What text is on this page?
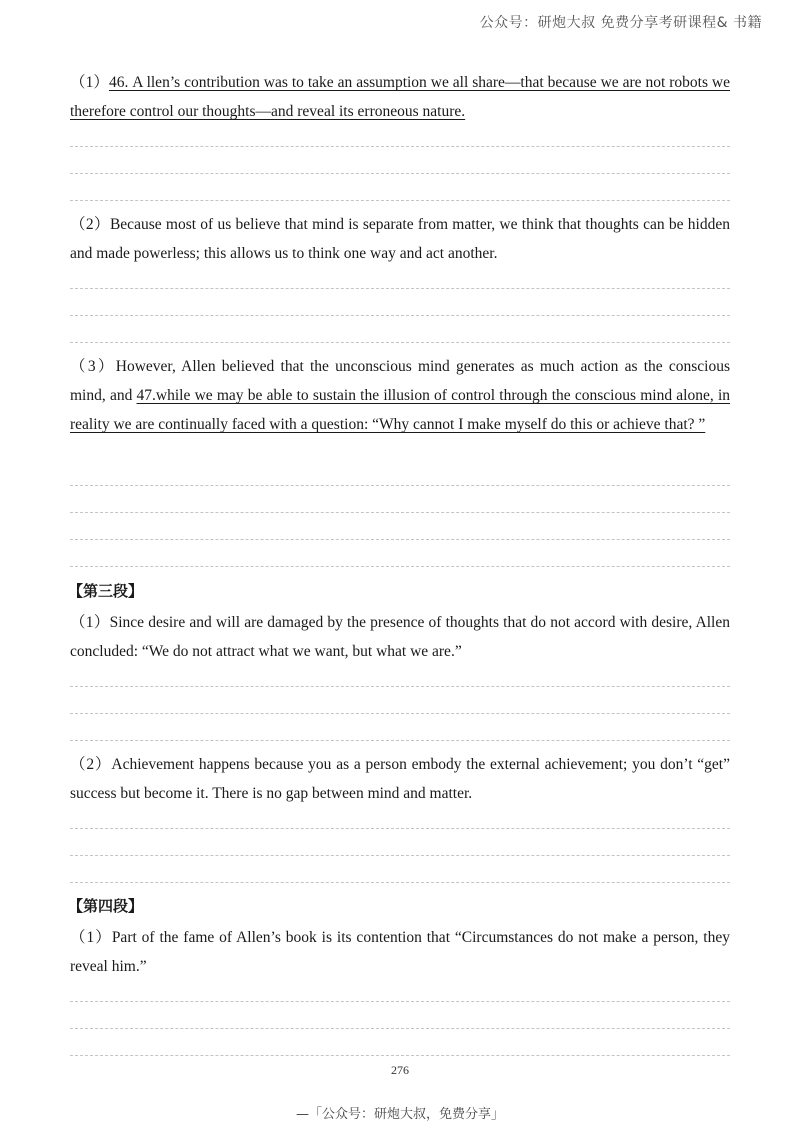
公众号：研炮大叔 免费分享考研课程& 书籍
（1）46. A llen’s contribution was to take an assumption we all share—that because we are not robots we therefore control our thoughts—and reveal its erroneous nature.
（2）Because most of us believe that mind is separate from matter, we think that thoughts can be hidden and made powerless; this allows us to think one way and act another.
（3）However, Allen believed that the unconscious mind generates as much action as the conscious mind, and 47.while we may be able to sustain the illusion of control through the conscious mind alone, in reality we are continually faced with a question: “Why cannot I make myself do this or achieve that? ”
【第三段】
（1）Since desire and will are damaged by the presence of thoughts that do not accord with desire, Allen concluded: “We do not attract what we want, but what we are.”
（2）Achievement happens because you as a person embody the external achievement; you don’t “get” success but become it. There is no gap between mind and matter.
【第四段】
（1）Part of the fame of Allen’s book is its contention that “Circumstances do not make a person, they reveal him.”
276
—「公众号：研炮大叔，免费分享」
